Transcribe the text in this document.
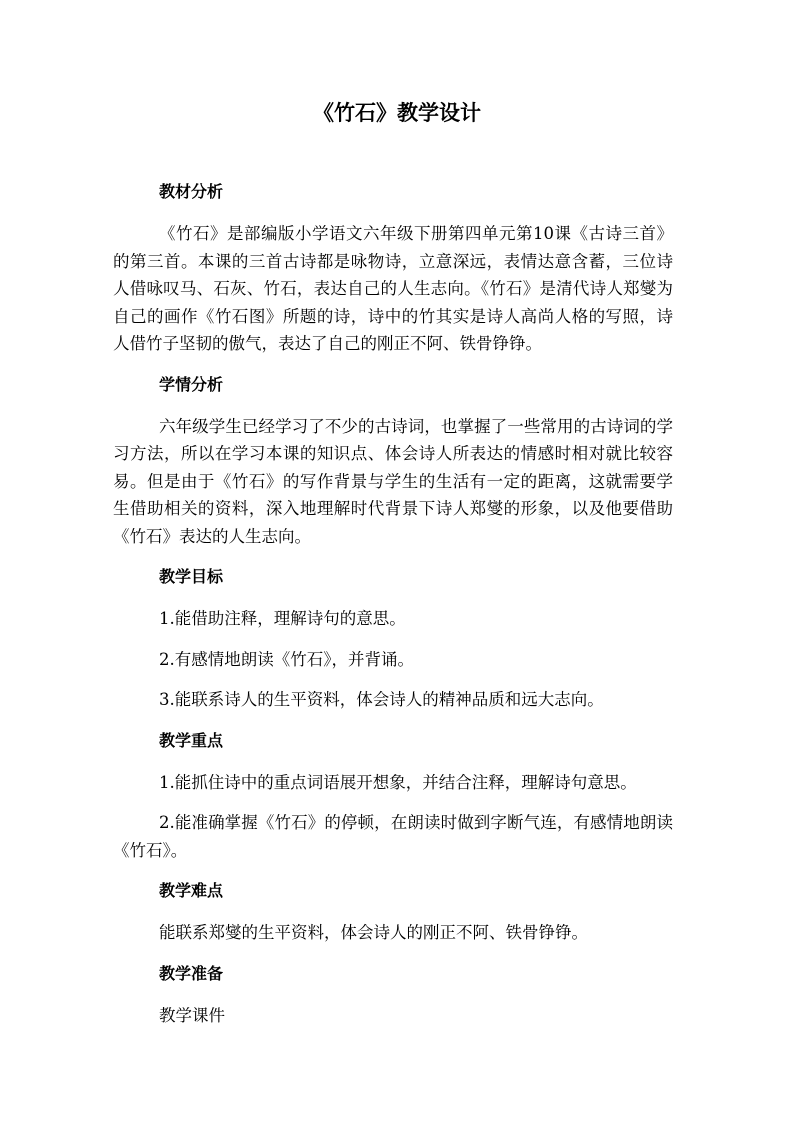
《竹石》教学设计

教材分析

《竹石》是部编版小学语文六年级下册第四单元第10课《古诗三首》的第三首。本课的三首古诗都是咏物诗，立意深远，表情达意含蓄，三位诗人借咏叹马、石灰、竹石，表达自己的人生志向。《竹石》是清代诗人郑燮为自己的画作《竹石图》所题的诗，诗中的竹其实是诗人高尚人格的写照，诗人借竹子坚韧的傲气，表达了自己的刚正不阿、铁骨铮铮。

学情分析

六年级学生已经学习了不少的古诗词，也掌握了一些常用的古诗词的学习方法，所以在学习本课的知识点、体会诗人所表达的情感时相对就比较容易。但是由于《竹石》的写作背景与学生的生活有一定的距离，这就需要学生借助相关的资料，深入地理解时代背景下诗人郑燮的形象，以及他要借助《竹石》表达的人生志向。

教学目标

1.能借助注释，理解诗句的意思。

2.有感情地朗读《竹石》，并背诵。

3.能联系诗人的生平资料，体会诗人的精神品质和远大志向。

教学重点

1.能抓住诗中的重点词语展开想象，并结合注释，理解诗句意思。

2.能准确掌握《竹石》的停顿，在朗读时做到字断气连，有感情地朗读《竹石》。

教学难点

能联系郑燮的生平资料，体会诗人的刚正不阿、铁骨铮铮。

教学准备

教学课件
